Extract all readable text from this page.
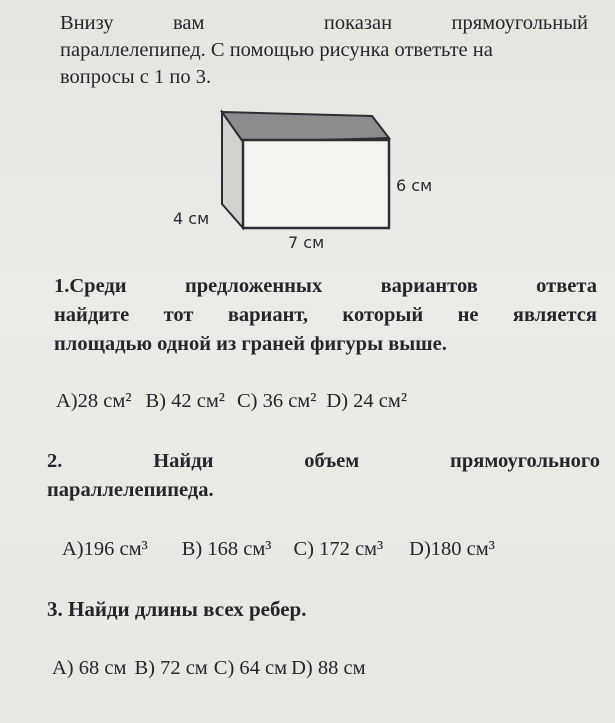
Внизу	вам	показан	прямоугольный
параллелепипед. С помощью рисунка ответьте на
вопросы с 1 по 3.
6 см
4 см
7 см
1.Среди	предложенных	вариантов	ответа
найдите тот вариант, который не является
площадью одной из граней фигуры выше.
A)28 см² B) 42 см² C) 36 см² D) 24 см²
2.	Найди	объем	прямоугольного
параллелепипеда.
A)196 см³ B) 168 см³ C) 172 см³ D)180 см³
3. Найди длины всех ребер.
A) 68 см B) 72 см C) 64 см D) 88 см
